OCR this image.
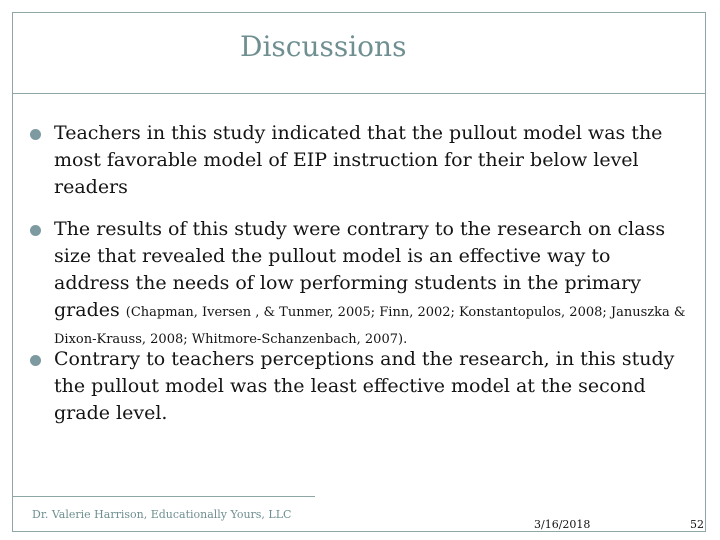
Discussions
Teachers in this study indicated that the pullout model was the most favorable model of EIP instruction for their below level readers
The results of this study were contrary to the research on class size that revealed the pullout model is an effective way to address the needs of low performing students in the primary grades (Chapman, Iversen , & Tunmer, 2005; Finn, 2002; Konstantopulos, 2008; Januszka & Dixon-Krauss, 2008; Whitmore-Schanzenbach, 2007).
Contrary to teachers perceptions and the research, in this study the pullout model was the least effective model at the second grade level.
Dr. Valerie Harrison, Educationally Yours, LLC
3/16/2018	52
